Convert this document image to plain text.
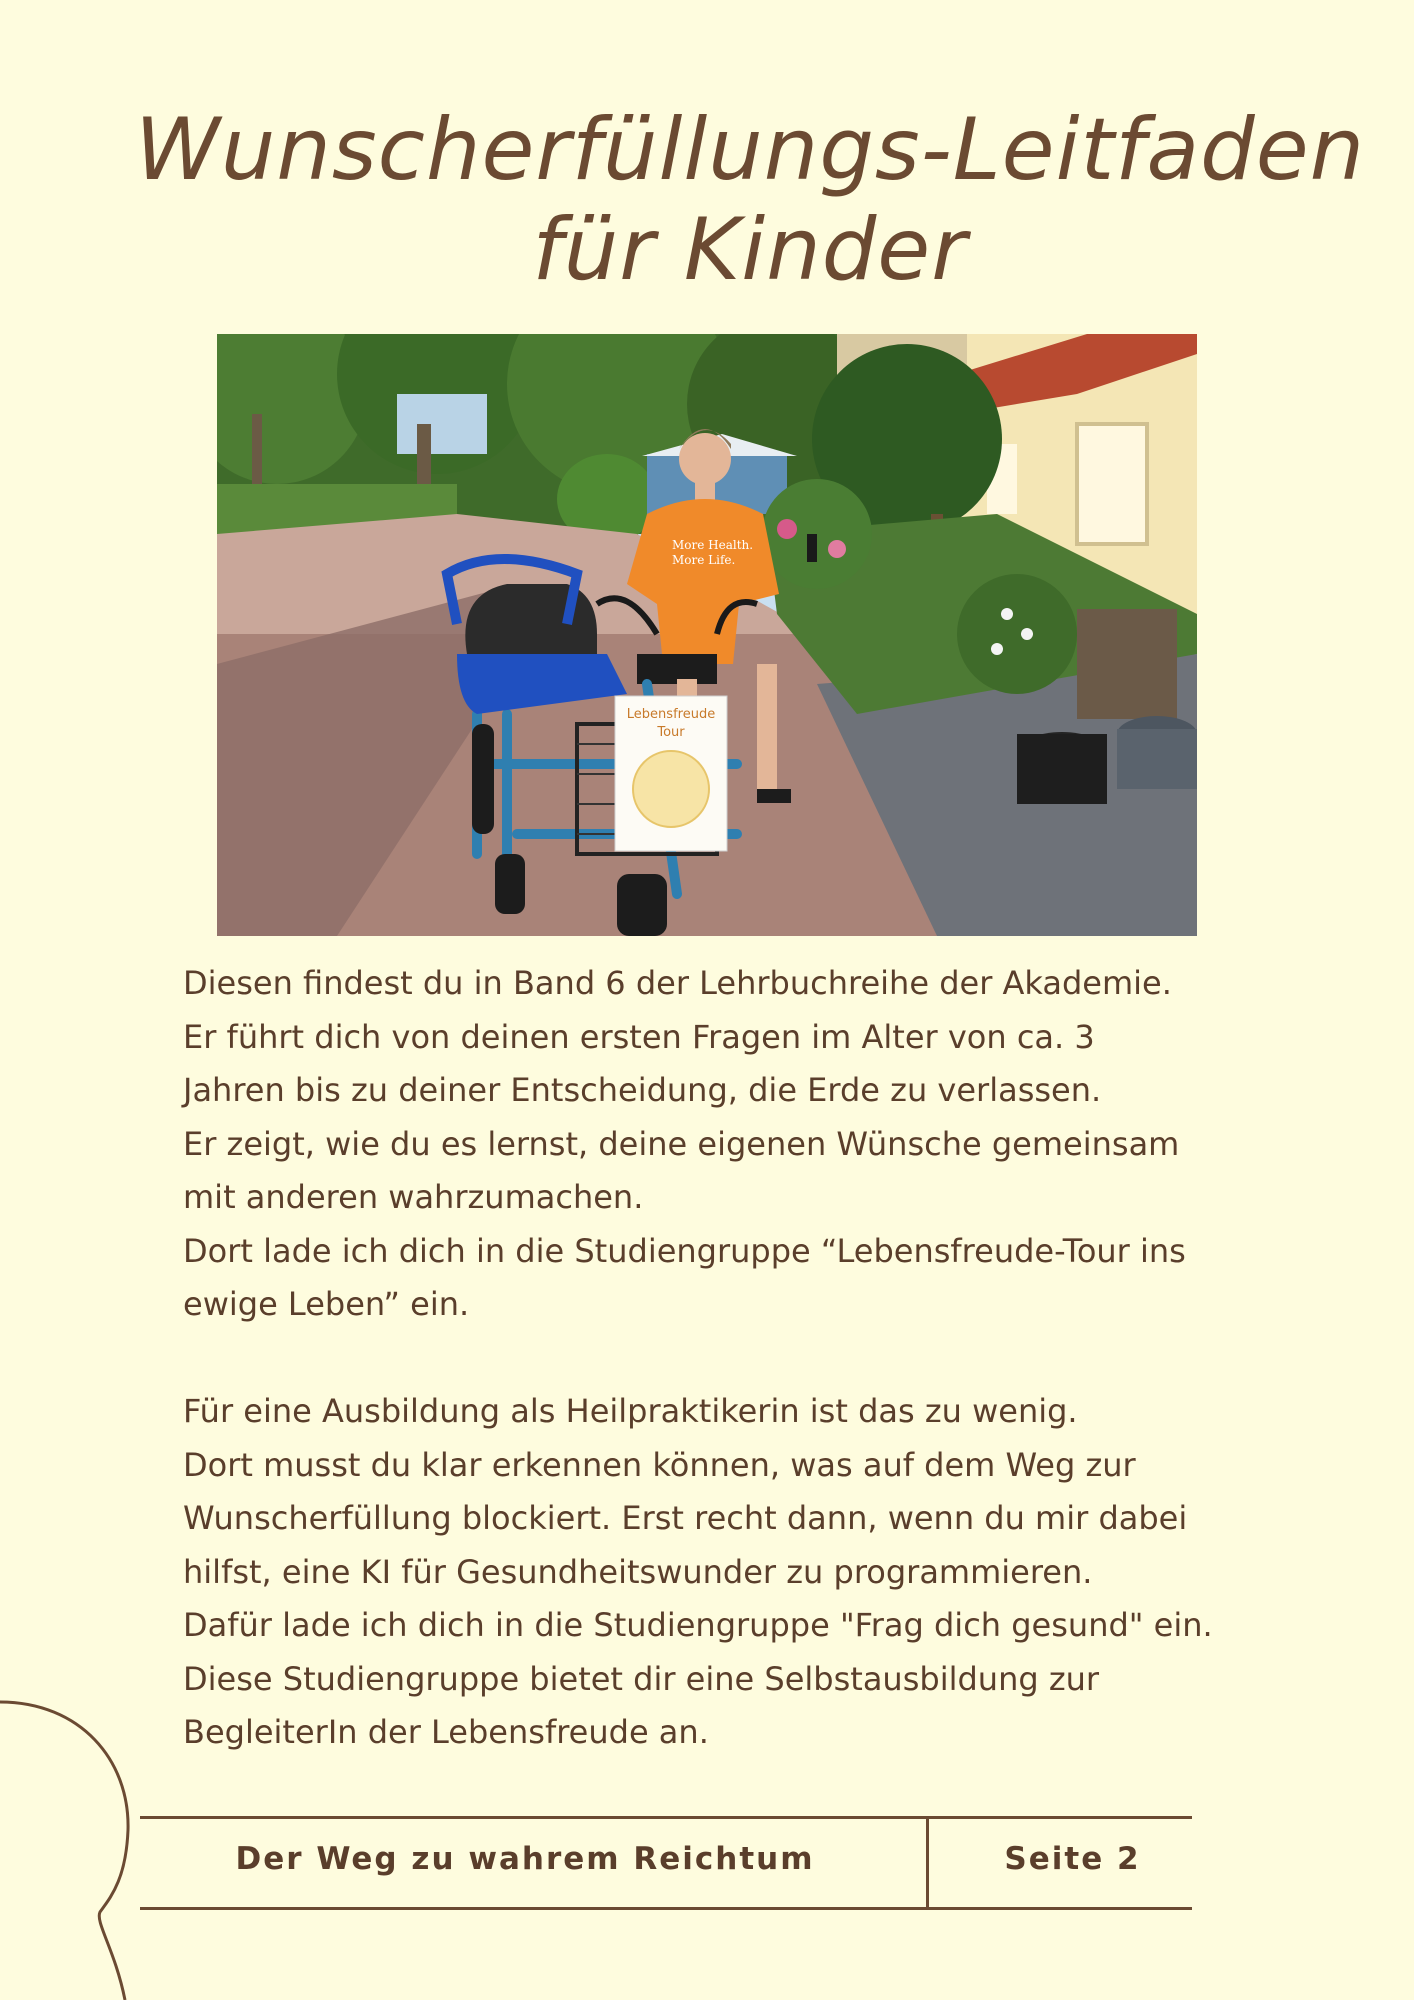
Wunscherfüllungs-Leitfaden
für Kinder
More Health.
More Life.
Lebensfreude
Tour

Diesen findest du in Band 6 der Lehrbuchreihe der Akademie.

Er führt dich von deinen ersten Fragen im Alter von ca. 3

Jahren bis zu deiner Entscheidung, die Erde zu verlassen.

Er zeigt, wie du es lernst, deine eigenen Wünsche gemeinsam

mit anderen wahrzumachen.

Dort lade ich dich in die Studiengruppe “Lebensfreude-Tour ins

ewige Leben” ein.

Für eine Ausbildung als Heilpraktikerin ist das zu wenig.

Dort musst du klar erkennen können, was auf dem Weg zur

Wunscherfüllung blockiert. Erst recht dann, wenn du mir dabei

hilfst, eine KI für Gesundheitswunder zu programmieren.

Dafür lade ich dich in die Studiengruppe "Frag dich gesund" ein.

Diese Studiengruppe bietet dir eine Selbstausbildung zur

BegleiterIn der Lebensfreude an.

Der Weg zu wahrem Reichtum	Seite 2
